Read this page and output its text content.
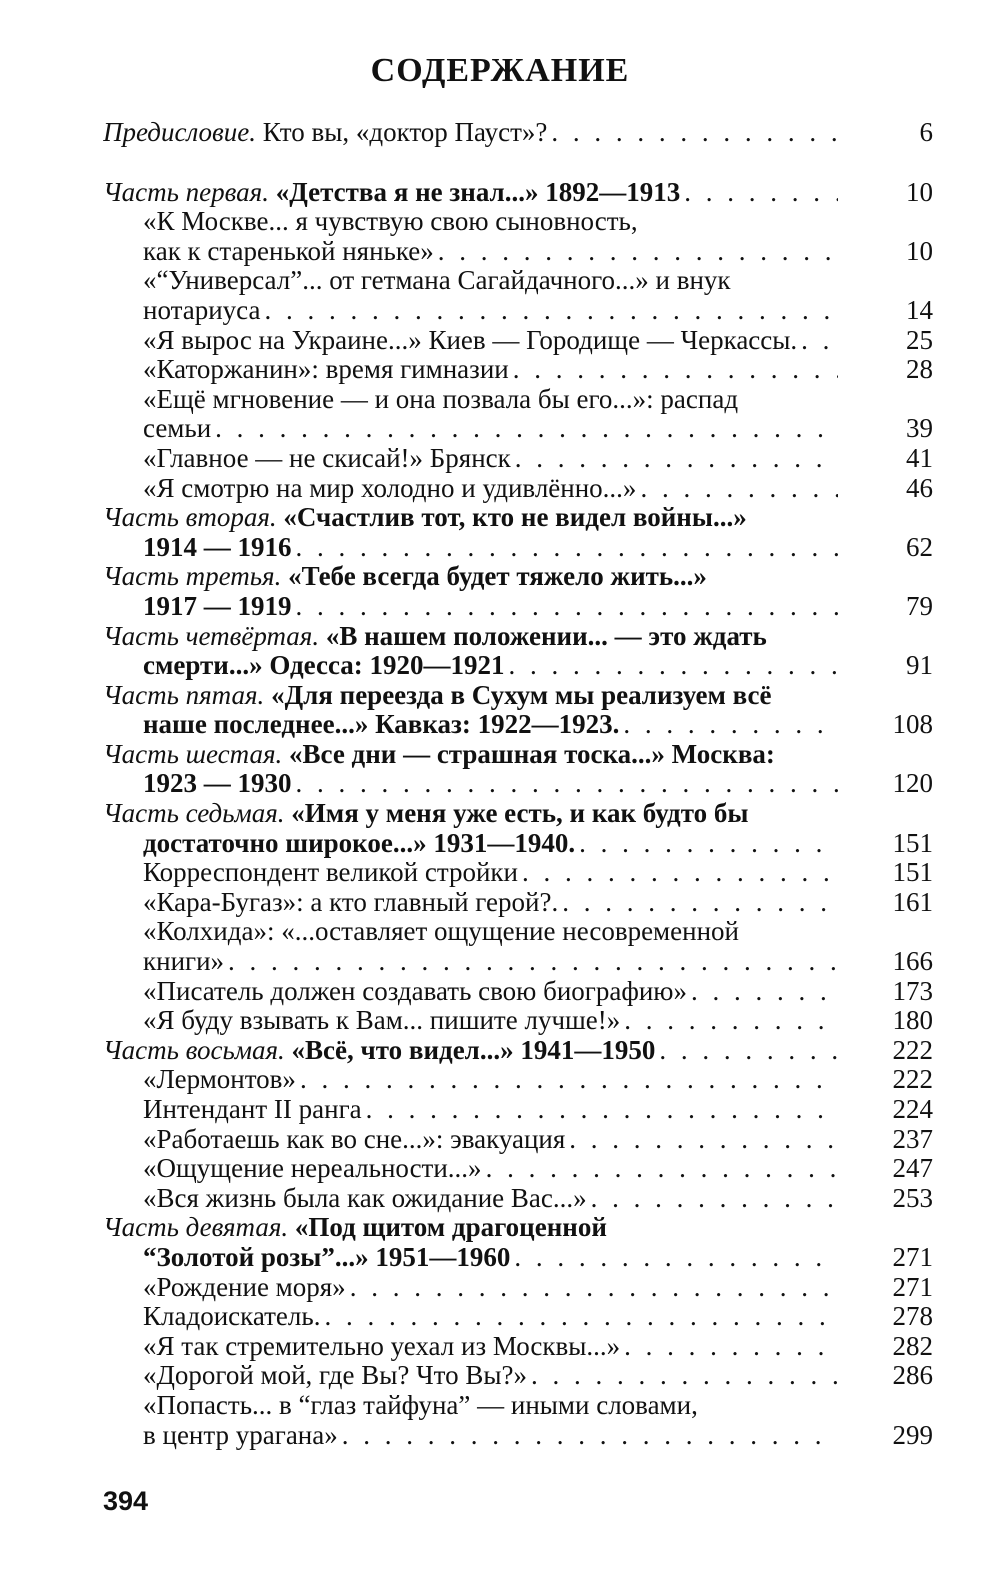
СОДЕРЖАНИЕ
Предисловие. Кто вы, «доктор Пауст»? . . .	6
Часть первая. «Детства я не знал...» 1892—1913 . . .	10
«К Москве... я чувствую свою сыновность,
как к старенькой няньке» . . .	10
«“Универсал”... от гетмана Сагайдачного...» и внук
нотариуса . . .	14
«Я вырос на Украине...» Киев — Городище — Черкассы. . . .	25
«Каторжанин»: время гимназии . . .	28
«Ещё мгновение — и она позвала бы его...»: распад
семьи . . .	39
«Главное — не скисай!» Брянск . . .	41
«Я смотрю на мир холодно и удивлённо...» . . .	46
Часть вторая. «Счастлив тот, кто не видел войны...»
1914 — 1916 . . .	62
Часть третья. «Тебе всегда будет тяжело жить...»
1917 — 1919 . . .	79
Часть четвёртая. «В нашем положении... — это ждать
смерти...» Одесса: 1920—1921 . . .	91
Часть пятая. «Для переезда в Сухум мы реализуем всё
наше последнее...» Кавказ: 1922—1923. . . .	108
Часть шестая. «Все дни — страшная тоска...» Москва:
1923 — 1930 . . .	120
Часть седьмая. «Имя у меня уже есть, и как будто бы
достаточно широкое...» 1931—1940. . . .	151
Корреспондент великой стройки . . .	151
«Кара-Бугаз»: а кто главный герой?. . . .	161
«Колхида»: «...оставляет ощущение несовременной
книги» . . .	166
«Писатель должен создавать свою биографию» . . .	173
«Я буду взывать к Вам... пишите лучше!» . . .	180
Часть восьмая. «Всё, что видел...» 1941—1950 . . .	222
«Лермонтов» . . .	222
Интендант II ранга . . .	224
«Работаешь как во сне...»: эвакуация . . .	237
«Ощущение нереальности...» . . .	247
«Вся жизнь была как ожидание Вас...» . . .	253
Часть девятая. «Под щитом драгоценной
“Золотой розы”...» 1951—1960 . . .	271
«Рождение моря» . . .	271
Кладоискатель. . . .	278
«Я так стремительно уехал из Москвы...» . . .	282
«Дорогой мой, где Вы? Что Вы?» . . .	286
«Попасть... в “глаз тайфуна” — иными словами,
в центр урагана» . . .	299
394
